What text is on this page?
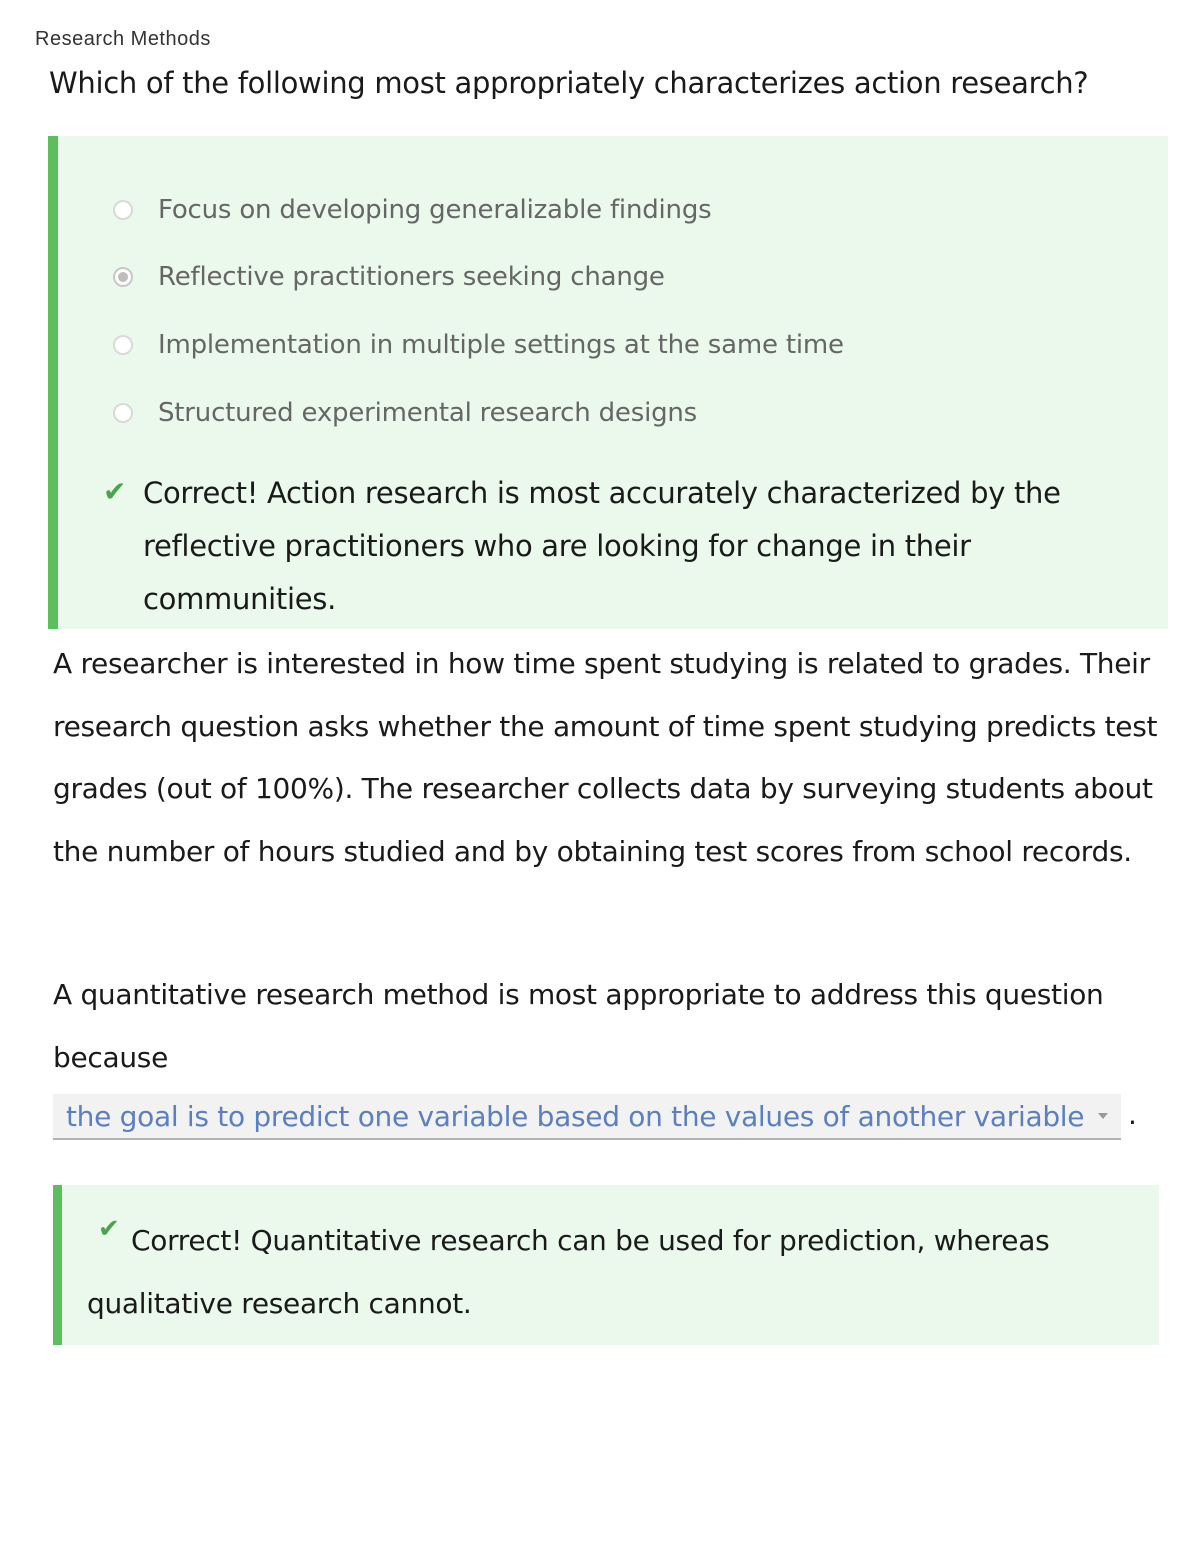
Research Methods
Which of the following most appropriately characterizes action research?
Focus on developing generalizable findings
Reflective practitioners seeking change
Implementation in multiple settings at the same time
Structured experimental research designs
✔ Correct! Action research is most accurately characterized by the reflective practitioners who are looking for change in their communities.
A researcher is interested in how time spent studying is related to grades. Their research question asks whether the amount of time spent studying predicts test grades (out of 100%). The researcher collects data by surveying students about the number of hours studied and by obtaining test scores from school records.
A quantitative research method is most appropriate to address this question because
the goal is to predict one variable based on the values of another variable .
✔ Correct! Quantitative research can be used for prediction, whereas qualitative research cannot.
